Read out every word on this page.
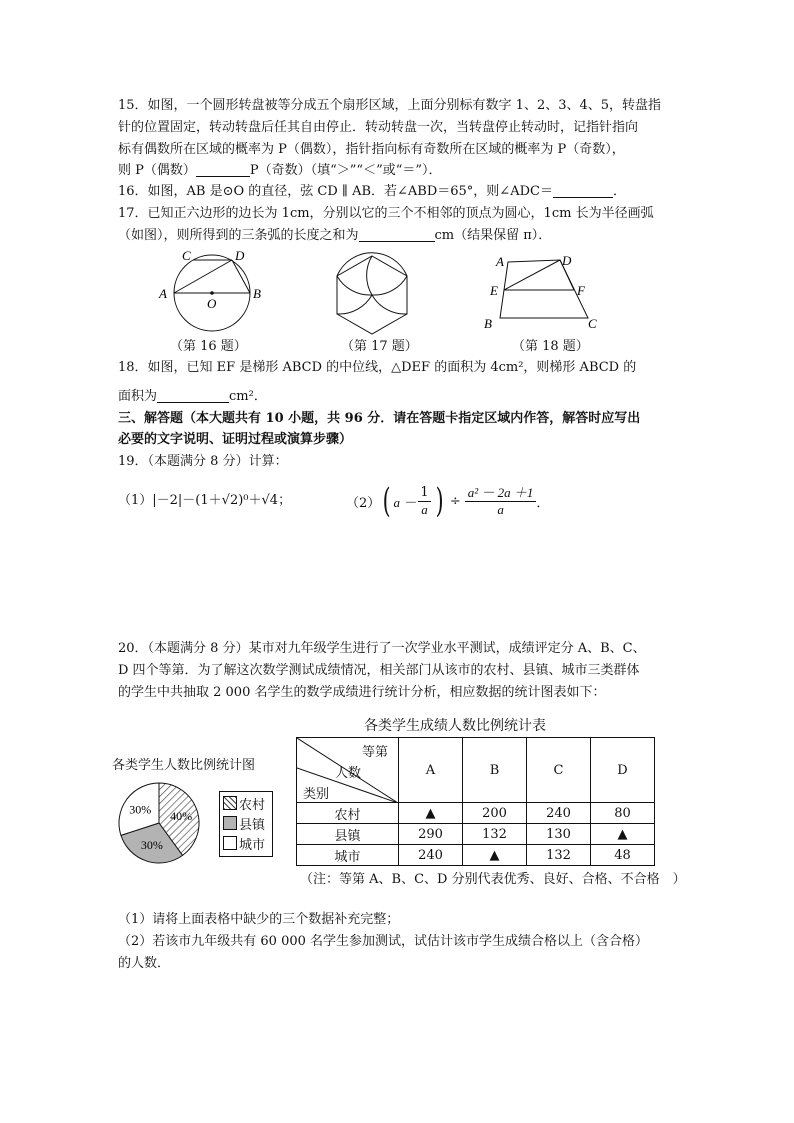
15．如图，一个圆形转盘被等分成五个扇形区域，上面分别标有数字 1、2、3、4、5，转盘指
针的位置固定，转动转盘后任其自由停止．转动转盘一次，当转盘停止转动时，记指针指向
标有偶数所在区域的概率为 P（偶数），指针指向标有奇数所在区域的概率为 P（奇数），
则 P（偶数）	P（奇数）（填“＞”“＜”或“＝”）．
16．如图，AB 是⊙O 的直径，弦 CD ∥ AB．若∠ABD＝65°，则∠ADC＝	．
17．已知正六边形的边长为 1cm，分别以它的三个不相邻的顶点为圆心，1cm 长为半径画弧
（如图），则所得到的三条弧的长度之和为	cm（结果保留 π）．
C	D
A	B
O
（第 16 题）	（第 17 题）
A	D
E	F
B	C
（第 18 题）
18．如图，已知 EF 是梯形 ABCD 的中位线，△DEF 的面积为 4cm²，则梯形 ABCD 的
面积为	cm²．
三、解答题（本大题共有 10 小题，共 96 分．请在答题卡指定区域内作答，解答时应写出
必要的文字说明、证明过程或演算步骤）
19．（本题满分 8 分）计算：
（1）|－2|－(1＋√2)⁰＋√4；	（2） ( $a - \frac{1}{a}$ ) ÷ $\frac{\text{a² － 2a ＋1}}{a}$ ．
20．（本题满分 8 分）某市对九年级学生进行了一次学业水平测试，成绩评定分 A、B、C、
D 四个等第．为了解这次数学测试成绩情况，相关部门从该市的农村、县镇、城市三类群体
的学生中共抽取 2 000 名学生的数学成绩进行统计分析，相应数据的统计图表如下：
各类学生人数比例统计图
40%
30%
30%	农村
县镇
城市
各类学生成绩人数比例统计表
等第
人数
类别	A	B	C	D
农村	▲	200	240	80
县镇	290	132	130	▲
城市	240	▲	132	48
（注：等第 A、B、C、D 分别代表优秀、良好、合格、不合格　）
（1）请将上面表格中缺少的三个数据补充完整；
（2）若该市九年级共有 60 000 名学生参加测试，试估计该市学生成绩合格以上（含合格）
的人数．
